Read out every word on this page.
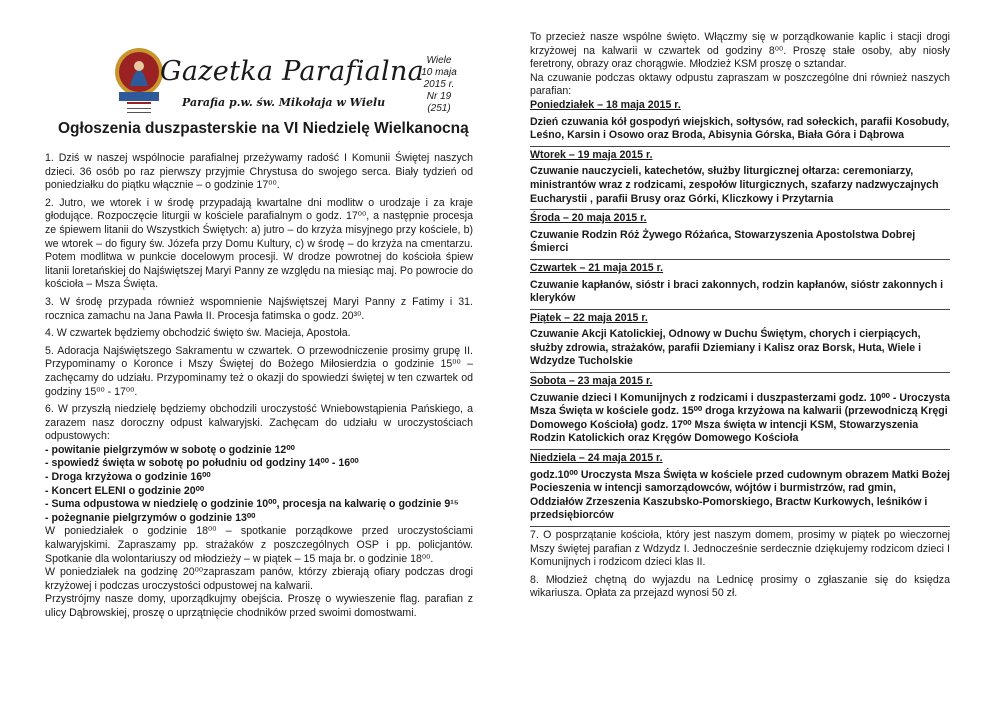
Gazetka Parafialna
Parafia p.w. św. Mikołaja w Wielu
Wiele
10 maja
2015 r.
Nr 19 (251)
Ogłoszenia duszpasterskie na VI Niedzielę Wielkanocną

1. Dziś w naszej wspólnocie parafialnej przeżywamy radość I Komunii Świętej naszych dzieci. 36 osób po raz pierwszy przyjmie Chrystusa do swojego serca. Biały tydzień od poniedziałku do piątku włącznie – o godzinie 17⁰⁰.

2. Jutro, we wtorek i w środę przypadają kwartalne dni modlitw o urodzaje i za kraje głodujące. Rozpoczęcie liturgii w kościele parafialnym o godz. 17⁰⁰, a następnie procesja ze śpiewem litanii do Wszystkich Świętych: a) jutro – do krzyża misyjnego przy kościele, b) we wtorek – do figury św. Józefa przy Domu Kultury, c) w środę – do krzyża na cmentarzu. Potem modlitwa w punkcie docelowym procesji. W drodze powrotnej do kościoła śpiew litanii loretańskiej do Najświętszej Maryi Panny ze względu na miesiąc maj. Po powrocie do kościoła – Msza Święta.

3. W środę przypada również wspomnienie Najświętszej Maryi Panny z Fatimy i 31. rocznica zamachu na Jana Pawła II. Procesja fatimska o godz. 20³⁰.

4. W czwartek będziemy obchodzić święto św. Macieja, Apostoła.

5. Adoracja Najświętszego Sakramentu w czwartek. O przewodniczenie prosimy grupę II. Przypominamy o Koronce i Mszy Świętej do Bożego Miłosierdzia o godzinie 15⁰⁰ – zachęcamy do udziału. Przypominamy też o okazji do spowiedzi świętej w ten czwartek od godziny 15⁰⁰ - 17⁰⁰.

6. W przyszłą niedzielę będziemy obchodzili uroczystość Wniebowstąpienia Pańskiego, a zarazem nasz doroczny odpust kalwaryjski. Zachęcam do udziału w uroczystościach odpustowych:

- powitanie pielgrzymów w sobotę o godzinie 12⁰⁰
- spowiedź święta w sobotę po południu od godziny 14⁰⁰ - 16⁰⁰
- Droga krzyżowa o godzinie 16⁰⁰
- Koncert ELENI o godzinie 20⁰⁰
- Suma odpustowa w niedzielę o godzinie 10⁰⁰, procesja na kalwarię o godzinie 9¹⁵
- pożegnanie pielgrzymów o godzinie 13⁰⁰

W poniedziałek o godzinie 18⁰⁰ – spotkanie porządkowe przed uroczystościami kalwaryjskimi. Zapraszamy pp. strażaków z poszczególnych OSP i pp. policjantów. Spotkanie dla wolontariuszy od młodzieży – w piątek – 15 maja br. o godzinie 18⁰⁰.

W poniedziałek na godzinę 20⁰⁰zapraszam panów, którzy zbierają ofiary podczas drogi krzyżowej i podczas uroczystości odpustowej na kalwarii.

Przystrójmy nasze domy, uporządkujmy obejścia. Proszę o wywieszenie flag. parafian z ulicy Dąbrowskiej, proszę o uprzątnięcie chodników przed swoimi domostwami.

To przecież nasze wspólne święto. Włączmy się w porządkowanie kaplic i stacji drogi krzyżowej na kalwarii w czwartek od godziny 8⁰⁰. Proszę stałe osoby, aby niosły feretrony, obrazy oraz chorągwie. Młodzież KSM proszę o sztandar.

Na czuwanie podczas oktawy odpustu zapraszam w poszczególne dni również naszych parafian:

Poniedziałek – 18 maja 2015 r.
Dzień czuwania kół gospodyń wiejskich, sołtysów, rad sołeckich, parafii Kosobudy, Leśno, Karsin i Osowo oraz Broda, Abisynia Górska, Biała Góra i Dąbrowa
Wtorek – 19 maja 2015 r.
Czuwanie nauczycieli, katechetów, służby liturgicznej ołtarza: ceremoniarzy, ministrantów wraz z rodzicami, zespołów liturgicznych, szafarzy nadzwyczajnych Eucharystii , parafii Brusy oraz Górki, Kliczkowy i Przytarnia
Środa – 20 maja 2015 r.
Czuwanie Rodzin Róż Żywego Różańca, Stowarzyszenia Apostolstwa Dobrej Śmierci
Czwartek – 21 maja 2015 r.
Czuwanie kapłanów, sióstr i braci zakonnych, rodzin kapłanów, sióstr zakonnych i kleryków
Piątek – 22 maja 2015 r.
Czuwanie Akcji Katolickiej, Odnowy w Duchu Świętym, chorych i cierpiących, służby zdrowia, strażaków, parafii Dziemiany i Kalisz oraz Borsk, Huta, Wiele i Wdzydze Tucholskie
Sobota – 23 maja 2015 r.
Czuwanie dzieci I Komunijnych z rodzicami i duszpasterzami godz. 10⁰⁰ - Uroczysta Msza Święta w kościele godz. 15⁰⁰ droga krzyżowa na kalwarii (przewodniczą Kręgi Domowego Kościoła) godz. 17⁰⁰ Msza święta w intencji KSM, Stowarzyszenia Rodzin Katolickich oraz Kręgów Domowego Kościoła
Niedziela – 24 maja 2015 r.
godz.10⁰⁰ Uroczysta Msza Święta w kościele przed cudownym obrazem Matki Bożej Pocieszenia w intencji samorządowców, wójtów i burmistrzów, rad gmin, Oddziałów Zrzeszenia Kaszubsko-Pomorskiego, Bractw Kurkowych, leśników i przedsiębiorców

7. O posprzątanie kościoła, który jest naszym domem, prosimy w piątek po wieczornej Mszy świętej parafian z Wdzydz I. Jednocześnie serdecznie dziękujemy rodzicom dzieci I Komunijnych i rodzicom dzieci klas II.

8. Młodzież chętną do wyjazdu na Lednicę prosimy o zgłaszanie się do księdza wikariusza. Opłata za przejazd wynosi 50 zł.
